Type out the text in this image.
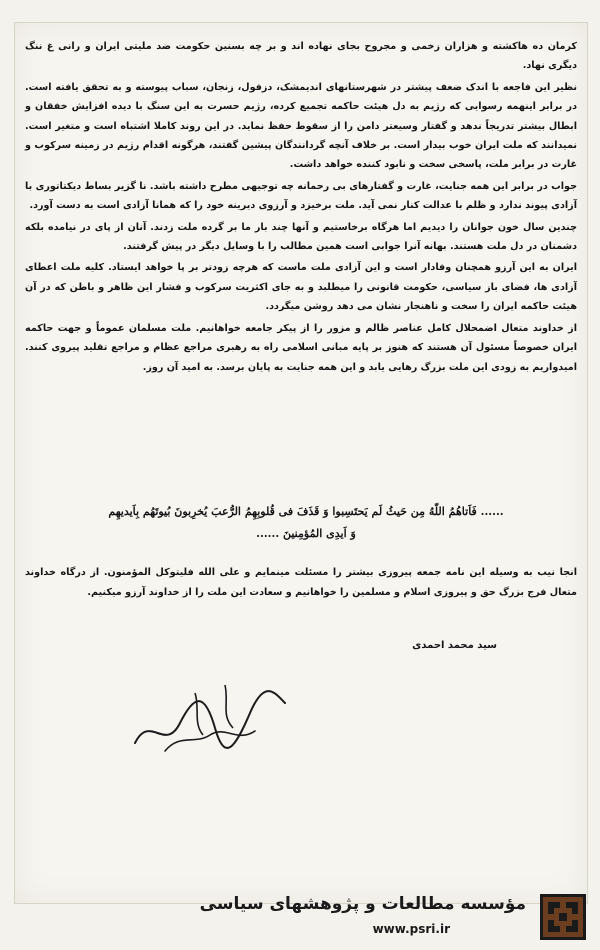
کرمان ده هاکشته و هزاران زخمی و مجروح بجای نهاده اند و بر چه بسنین حکومت ضد ملیتی ایران و رانی غ ننگ دیگری نهاد.

نظیر این فاجعه با اندک ضعف پیشتر در شهرستانهای اندیمشک، دزفول، زنجان، سباب پیوسته و به تحقق یافته است. در برابر اینهمه رسوایی که رژیم به دل هیئت حاکمه تجمیع کرده، رژیم حسرت به این سنگ با دیده افزایش خفقان و ابطال بیشتر تدریجاً ندهد و گفتار وسیعتر دامن را از سقوط حفظ نماید. در این روند کاملا اشتباه است و متغیر است. نمیدانند که ملت ایران خوب بیدار است. بر خلاف آنچه گردانندگان پیشین گفتند، هرگونه اقدام رژیم در زمینه سرکوب و غارت در برابر ملت، پاسخی سخت و نابود کننده خواهد داشت.

جواب در برابر این همه جنایت، غارت و گفتارهای بی رحمانه چه توجیهی مطرح داشته باشد. نا گزیر بساط دیکتاتوری با آزادی پیوند ندارد و ظلم با عدالت کنار نمی آید. ملت برخیزد و آرزوی دیرینه خود را که همانا آزادی است به دست آورد.

چندین سال خون جوانان را دیدیم اما هرگاه برخاستیم و آنها چند بار ما بر گرده ملت زدند. آنان از پای در نیامده بلکه دشمنان در دل ملت هستند. بهانه آنرا جوابی است همین مطالب را با وسایل دیگر در پیش گرفتند.

ایران به این آرزو همچنان وفادار است و این آزادی ملت ماست که هرچه زودتر بر پا خواهد ایستاد. کلیه ملت اعطای آزادی ها، فضای باز سیاسی، حکومت قانونی را میطلبد و به جای اکثریت سرکوب و فشار این ظاهر و باطن که در آن هیئت حاکمه ایران را سخت و ناهنجار نشان می دهد روشن میگردد.

از خداوند متعال اضمحلال کامل عناصر ظالم و مزور را از پیکر جامعه خواهانیم. ملت مسلمان عموماً و جهت حاکمه ایران خصوصاً مسئول آن هستند که هنوز بر پایه مبانی اسلامی راه به رهبری مراجع عظام و مراجع تقلید پیروی کنند. امیدواریم به زودی این ملت بزرگ رهایی یابد و این همه جنایت به پایان برسد. به امید آن روز.

...... فَاَتاهُمُ اللّهُ مِن حَیثُ لَم یَحتَسِبوا وَ قَذَفَ فی قُلوبِهِمُ الرُّعبَ یُخرِبونَ بُیوتَهُم بِاَیدیهِم
وَ اَیدِی المُؤمِنینَ ......
انجا نیب به وسیله این نامه جمعه پیروزی بیشتر را مسئلت مینمایم و علی الله فلیتوکل المؤمنون. از درگاه خداوند متعال فرج بزرگ حق و پیروزی اسلام و مسلمین را خواهانیم و سعادت این ملت را از خداوند آرزو میکنیم.
سید محمد احمدی
مؤسسه مطالعات و پژوهشهای سیاسی
www.psri.ir
